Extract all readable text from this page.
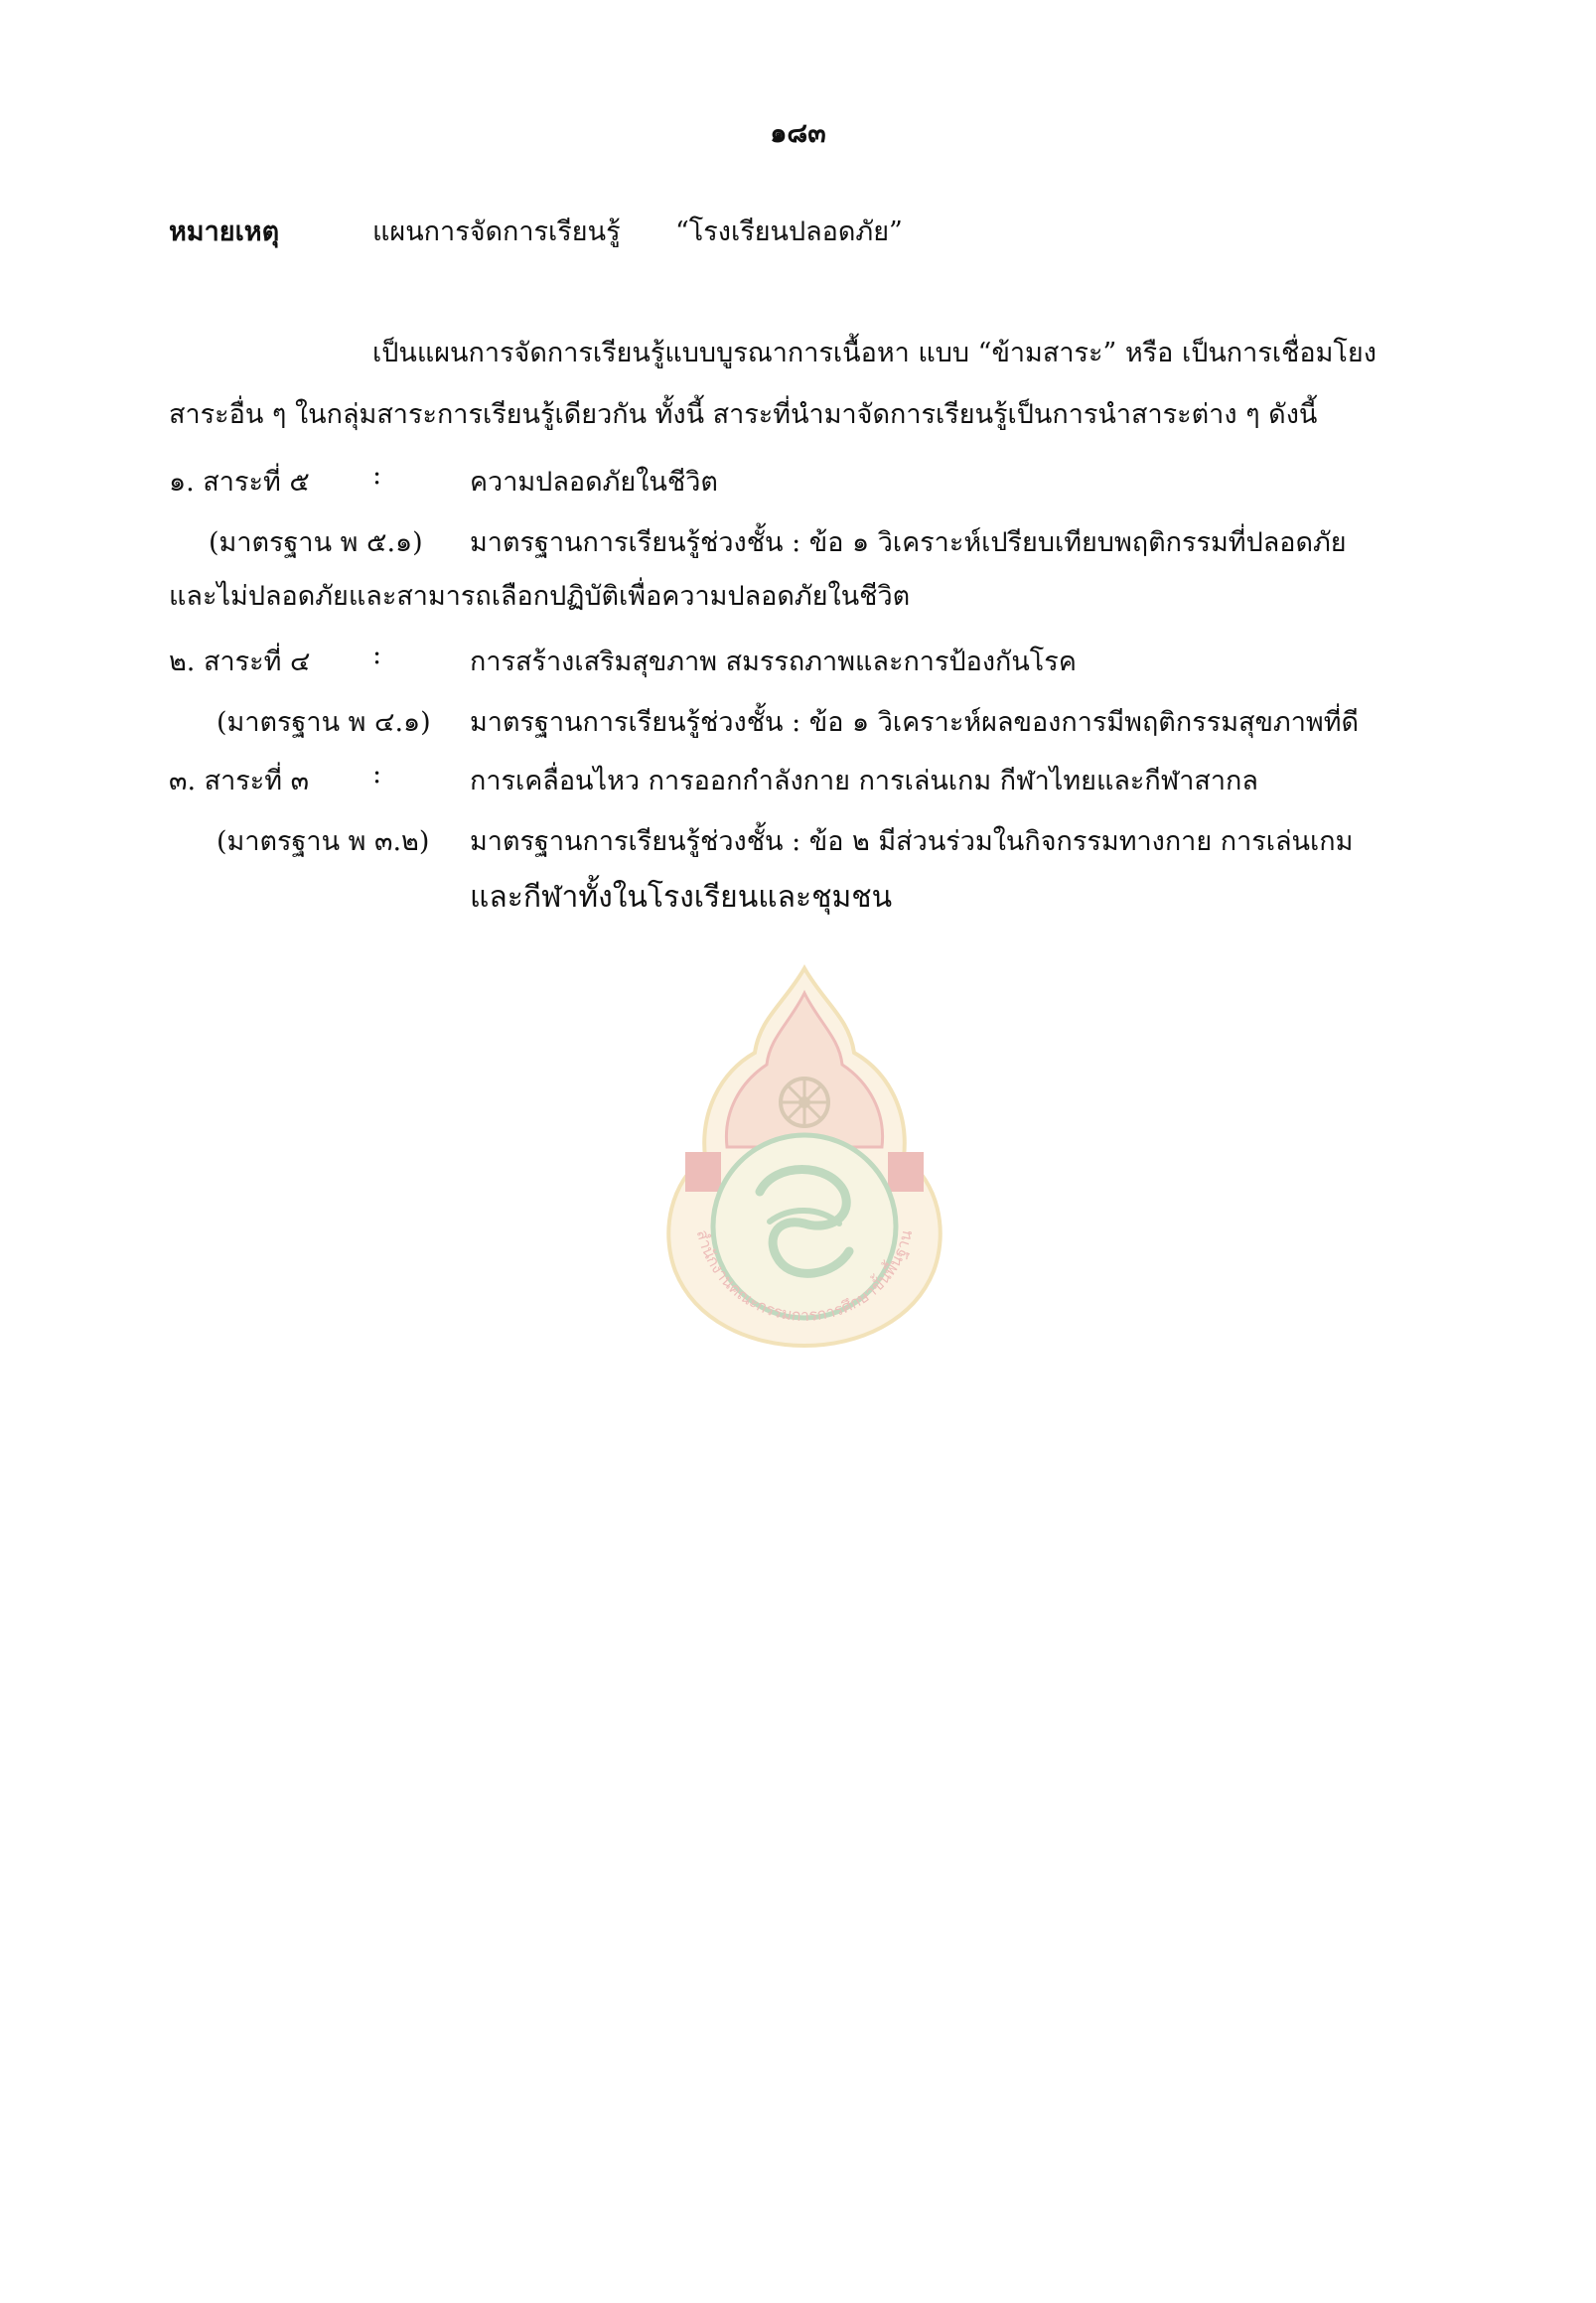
๑๘๓
หมายเหตุ	แผนการจัดการเรียนรู้ “โรงเรียนปลอดภัย”
เป็นแผนการจัดการเรียนรู้แบบบูรณาการเนื้อหา แบบ “ข้ามสาระ” หรือ เป็นการเชื่อมโยง
สาระอื่น ๆ ในกลุ่มสาระการเรียนรู้เดียวกัน ทั้งนี้ สาระที่นำมาจัดการเรียนรู้เป็นการนำสาระต่าง ๆ ดังนี้
๑. สาระที่ ๕ :	ความปลอดภัยในชีวิต
(มาตรฐาน พ ๕.๑) มาตรฐานการเรียนรู้ช่วงชั้น : ข้อ ๑ วิเคราะห์เปรียบเทียบพฤติกรรมที่ปลอดภัย
และไม่ปลอดภัยและสามารถเลือกปฏิบัติเพื่อความปลอดภัยในชีวิต
๒. สาระที่ ๔ :	การสร้างเสริมสุขภาพ สมรรถภาพและการป้องกันโรค
(มาตรฐาน พ ๔.๑) มาตรฐานการเรียนรู้ช่วงชั้น : ข้อ ๑ วิเคราะห์ผลของการมีพฤติกรรมสุขภาพที่ดี
๓. สาระที่ ๓ :	การเคลื่อนไหว การออกกำลังกาย การเล่นเกม กีฬาไทยและกีฬาสากล
(มาตรฐาน พ ๓.๒) มาตรฐานการเรียนรู้ช่วงชั้น : ข้อ ๒ มีส่วนร่วมในกิจกรรมทางกาย การเล่นเกม
และกีฬาทั้งในโรงเรียนและชุมชน
สำนักงานคณะกรรมการการศึกษาขั้นพื้นฐาน
